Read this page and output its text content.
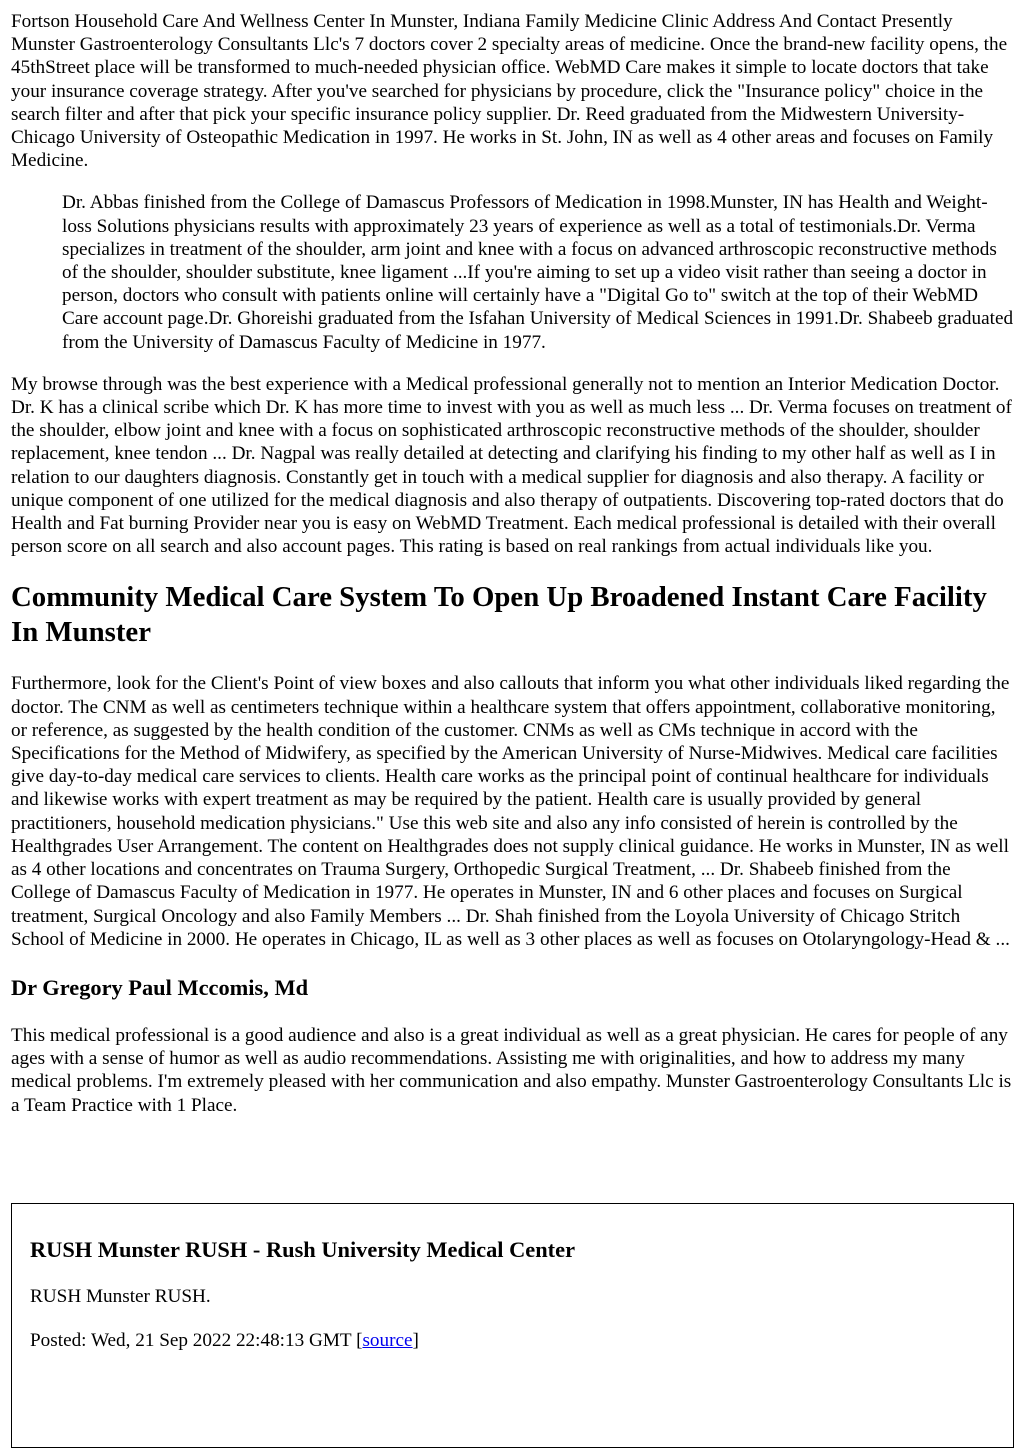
Fortson Household Care And Wellness Center In Munster, Indiana Family Medicine Clinic Address And Contact Presently Munster Gastroenterology Consultants Llc's 7 doctors cover 2 specialty areas of medicine. Once the brand-new facility opens, the 45thStreet place will be transformed to much-needed physician office. WebMD Care makes it simple to locate doctors that take your insurance coverage strategy. After you've searched for physicians by procedure, click the "Insurance policy" choice in the search filter and after that pick your specific insurance policy supplier. Dr. Reed graduated from the Midwestern University-Chicago University of Osteopathic Medication in 1997. He works in St. John, IN as well as 4 other areas and focuses on Family Medicine.

Dr. Abbas finished from the College of Damascus Professors of Medication in 1998.Munster, IN has Health and Weight-loss Solutions physicians results with approximately 23 years of experience as well as a total of testimonials.Dr. Verma specializes in treatment of the shoulder, arm joint and knee with a focus on advanced arthroscopic reconstructive methods of the shoulder, shoulder substitute, knee ligament ...If you're aiming to set up a video visit rather than seeing a doctor in person, doctors who consult with patients online will certainly have a "Digital Go to" switch at the top of their WebMD Care account page.Dr. Ghoreishi graduated from the Isfahan University of Medical Sciences in 1991.Dr. Shabeeb graduated from the University of Damascus Faculty of Medicine in 1977.

My browse through was the best experience with a Medical professional generally not to mention an Interior Medication Doctor. Dr. K has a clinical scribe which Dr. K has more time to invest with you as well as much less ... Dr. Verma focuses on treatment of the shoulder, elbow joint and knee with a focus on sophisticated arthroscopic reconstructive methods of the shoulder, shoulder replacement, knee tendon ... Dr. Nagpal was really detailed at detecting and clarifying his finding to my other half as well as I in relation to our daughters diagnosis. Constantly get in touch with a medical supplier for diagnosis and also therapy. A facility or unique component of one utilized for the medical diagnosis and also therapy of outpatients. Discovering top-rated doctors that do Health and Fat burning Provider near you is easy on WebMD Treatment. Each medical professional is detailed with their overall person score on all search and also account pages. This rating is based on real rankings from actual individuals like you.

Community Medical Care System To Open Up Broadened Instant Care Facility In Munster

Furthermore, look for the Client's Point of view boxes and also callouts that inform you what other individuals liked regarding the doctor. The CNM as well as centimeters technique within a healthcare system that offers appointment, collaborative monitoring, or reference, as suggested by the health condition of the customer. CNMs as well as CMs technique in accord with the Specifications for the Method of Midwifery, as specified by the American University of Nurse-Midwives. Medical care facilities give day-to-day medical care services to clients. Health care works as the principal point of continual healthcare for individuals and likewise works with expert treatment as may be required by the patient. Health care is usually provided by general practitioners, household medication physicians." Use this web site and also any info consisted of herein is controlled by the Healthgrades User Arrangement. The content on Healthgrades does not supply clinical guidance. He works in Munster, IN as well as 4 other locations and concentrates on Trauma Surgery, Orthopedic Surgical Treatment, ... Dr. Shabeeb finished from the College of Damascus Faculty of Medication in 1977. He operates in Munster, IN and 6 other places and focuses on Surgical treatment, Surgical Oncology and also Family Members ... Dr. Shah finished from the Loyola University of Chicago Stritch School of Medicine in 2000. He operates in Chicago, IL as well as 3 other places as well as focuses on Otolaryngology-Head & ...

Dr Gregory Paul Mccomis, Md

This medical professional is a good audience and also is a great individual as well as a great physician. He cares for people of any ages with a sense of humor as well as audio recommendations. Assisting me with originalities, and how to address my many medical problems. I'm extremely pleased with her communication and also empathy. Munster Gastroenterology Consultants Llc is a Team Practice with 1 Place.

RUSH Munster RUSH - Rush University Medical Center

RUSH Munster RUSH.

Posted: Wed, 21 Sep 2022 22:48:13 GMT [source]
